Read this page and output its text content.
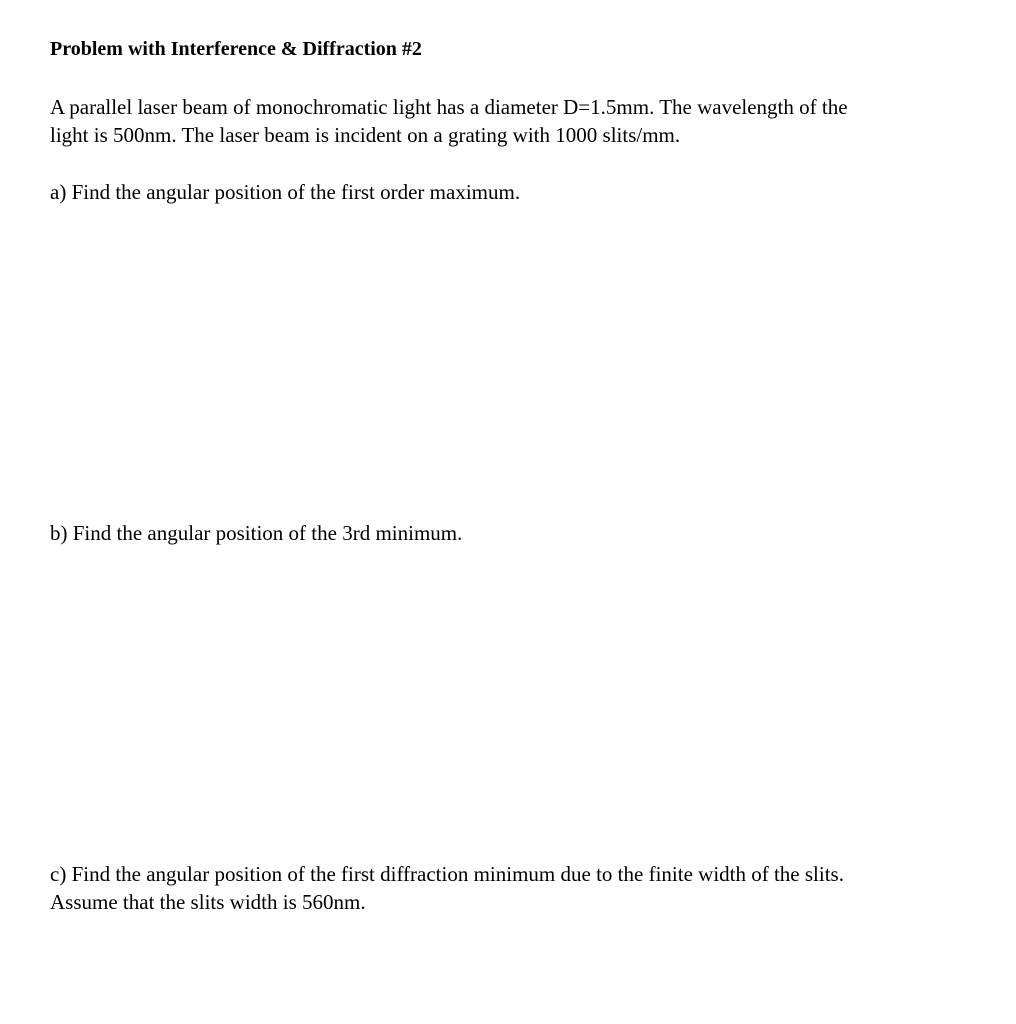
Problem with Interference & Diffraction #2
A parallel laser beam of monochromatic light has a diameter D=1.5mm. The wavelength of the
light is 500nm. The laser beam is incident on a grating with 1000 slits/mm.
a) Find the angular position of the first order maximum.
b) Find the angular position of the 3rd minimum.
c) Find the angular position of the first diffraction minimum due to the finite width of the slits.
Assume that the slits width is 560nm.
